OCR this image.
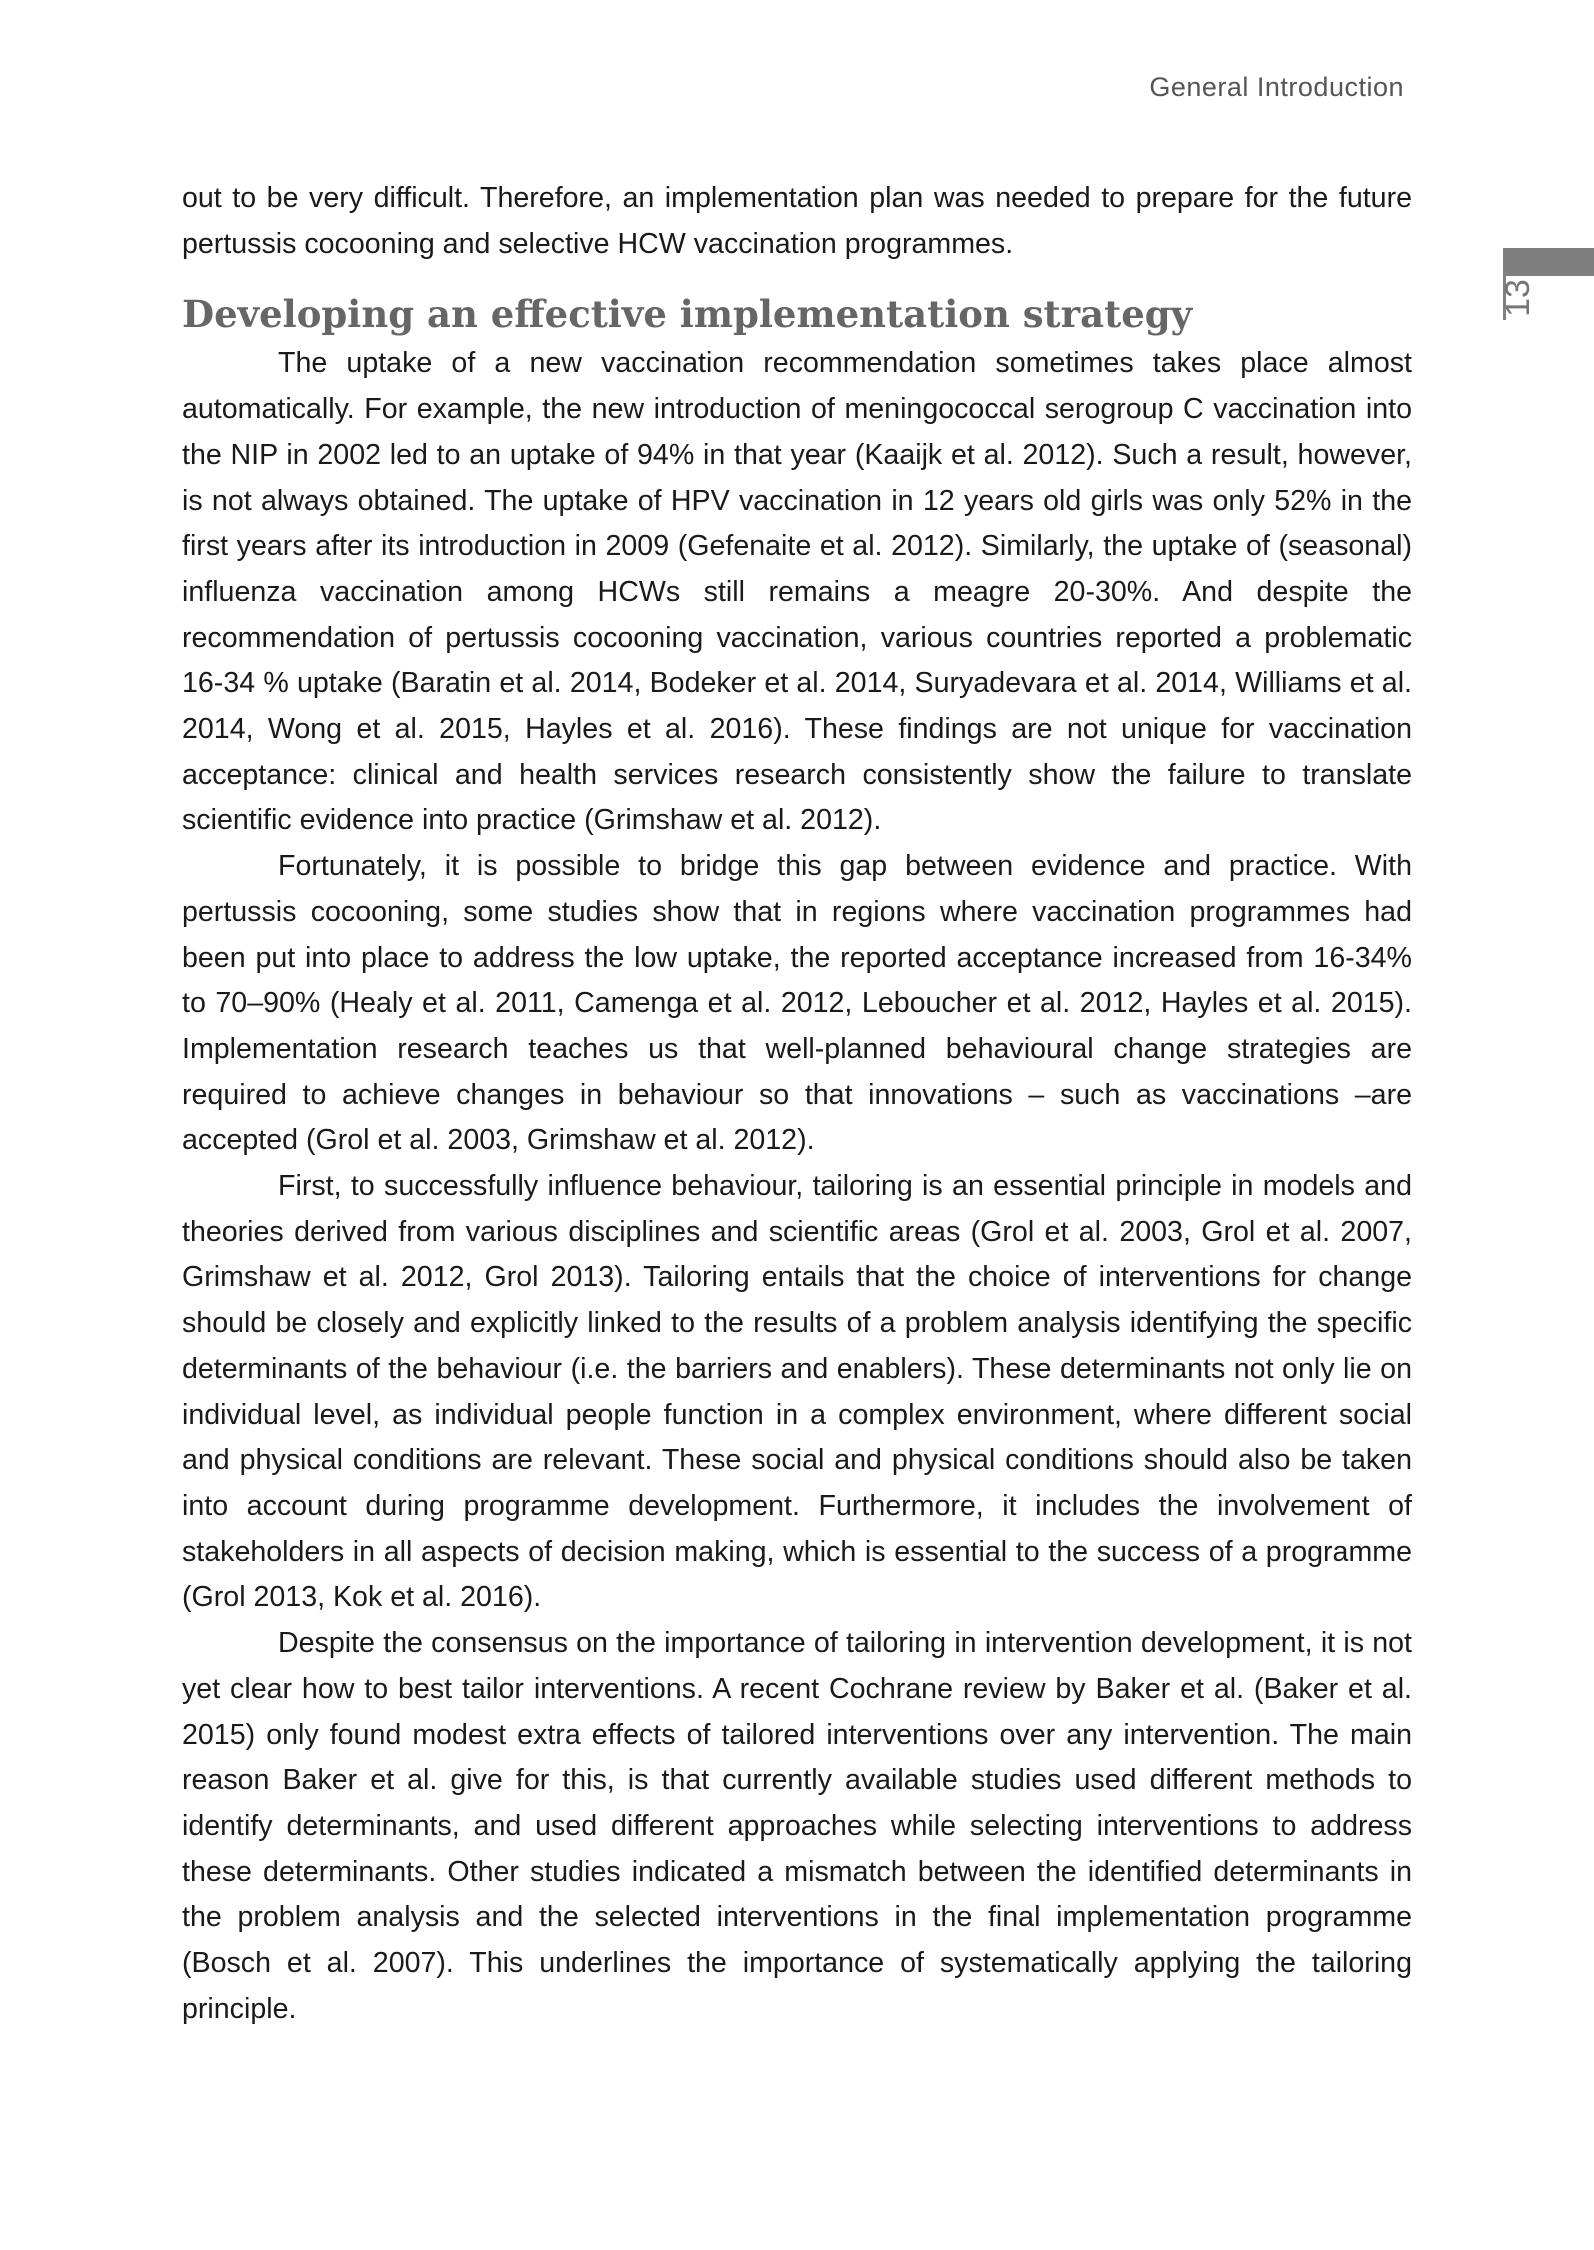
General Introduction
13

out to be very difficult. Therefore, an implementation plan was needed to prepare for the future pertussis cocooning and selective HCW vaccination programmes.

Developing an effective implementation strategy

The uptake of a new vaccination recommendation sometimes takes place almost automatically. For example, the new introduction of meningococcal serogroup C vaccination into the NIP in 2002 led to an uptake of 94% in that year (Kaaijk et al. 2012). Such a result, however, is not always obtained. The uptake of HPV vaccination in 12 years old girls was only 52% in the first years after its introduction in 2009 (Gefenaite et al. 2012). Similarly, the uptake of (seasonal) influenza vaccination among HCWs still remains a meagre 20-30%. And despite the recommendation of pertussis cocooning vaccination, various countries reported a problematic 16-34 % uptake (Baratin et al. 2014, Bodeker et al. 2014, Suryadevara et al. 2014, Williams et al. 2014, Wong et al. 2015, Hayles et al. 2016). These findings are not unique for vaccination acceptance: clinical and health services research consistently show the failure to translate scientific evidence into practice (Grimshaw et al. 2012).

Fortunately, it is possible to bridge this gap between evidence and practice. With pertussis cocooning, some studies show that in regions where vaccination programmes had been put into place to address the low uptake, the reported acceptance increased from 16-34% to 70–90% (Healy et al. 2011, Camenga et al. 2012, Leboucher et al. 2012, Hayles et al. 2015). Implementation research teaches us that well-planned behavioural change strategies are required to achieve changes in behaviour so that innovations – such as vaccinations –are accepted (Grol et al. 2003, Grimshaw et al. 2012).

First, to successfully influence behaviour, tailoring is an essential principle in models and theories derived from various disciplines and scientific areas (Grol et al. 2003, Grol et al. 2007, Grimshaw et al. 2012, Grol 2013). Tailoring entails that the choice of interventions for change should be closely and explicitly linked to the results of a problem analysis identifying the specific determinants of the behaviour (i.e. the barriers and enablers). These determinants not only lie on individual level, as individual people function in a complex environment, where different social and physical conditions are relevant. These social and physical conditions should also be taken into account during programme development. Furthermore, it includes the involvement of stakeholders in all aspects of decision making, which is essential to the success of a programme (Grol 2013, Kok et al. 2016).

Despite the consensus on the importance of tailoring in intervention development, it is not yet clear how to best tailor interventions. A recent Cochrane review by Baker et al. (Baker et al. 2015) only found modest extra effects of tailored interventions over any intervention. The main reason Baker et al. give for this, is that currently available studies used different methods to identify determinants, and used different approaches while selecting interventions to address these determinants. Other studies indicated a mismatch between the identified determinants in the problem analysis and the selected interventions in the final implementation programme (Bosch et al. 2007). This underlines the importance of systematically applying the tailoring principle.
